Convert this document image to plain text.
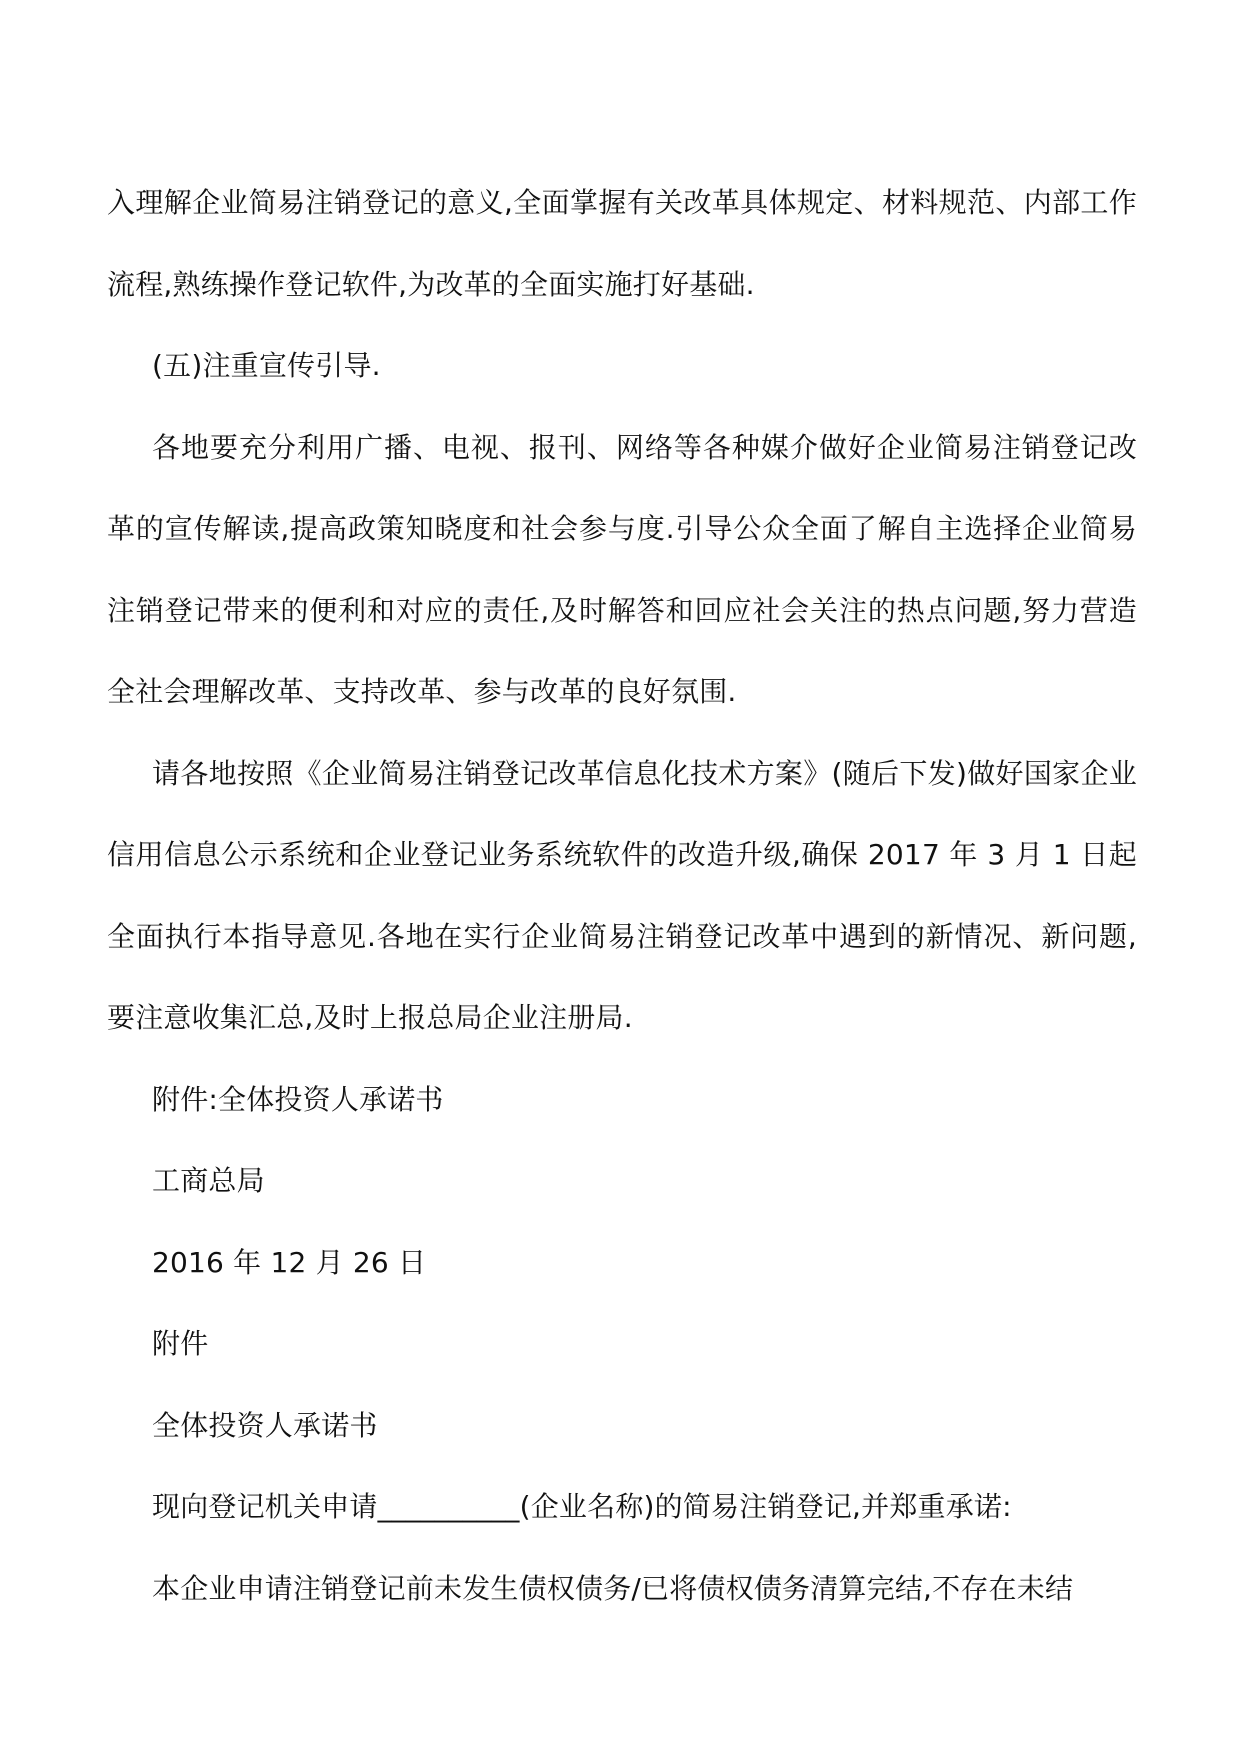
入理解企业简易注销登记的意义,全面掌握有关改革具体规定、材料规范、内部工作流程,熟练操作登记软件,为改革的全面实施打好基础.

(五)注重宣传引导.

各地要充分利用广播、电视、报刊、网络等各种媒介做好企业简易注销登记改革的宣传解读,提高政策知晓度和社会参与度.引导公众全面了解自主选择企业简易注销登记带来的便利和对应的责任,及时解答和回应社会关注的热点问题,努力营造全社会理解改革、支持改革、参与改革的良好氛围.

请各地按照《企业简易注销登记改革信息化技术方案》(随后下发)做好国家企业信用信息公示系统和企业登记业务系统软件的改造升级,确保 2017 年 3 月 1 日起全面执行本指导意见.各地在实行企业简易注销登记改革中遇到的新情况、新问题,要注意收集汇总,及时上报总局企业注册局.

附件:全体投资人承诺书

工商总局

2016 年 12 月 26 日

附件

全体投资人承诺书

现向登记机关申请__________(企业名称)的简易注销登记,并郑重承诺:

本企业申请注销登记前未发生债权债务/已将债权债务清算完结,不存在未结
